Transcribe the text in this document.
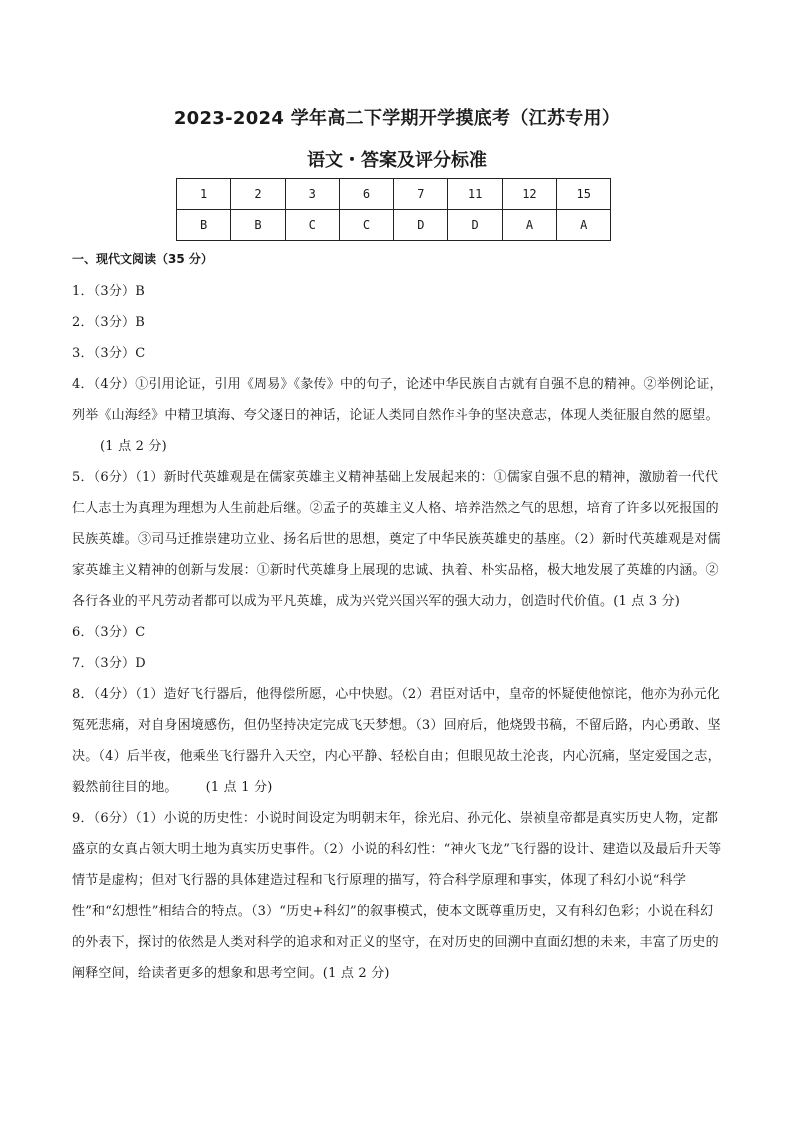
2023-2024 学年高二下学期开学摸底考（江苏专用）
语文・答案及评分标准
1	2	3	6	7	11	12	15
B	B	C	C	D	D	A	A
一、现代文阅读（35 分）

1．（3分）B

2．（3分）B

3．（3分）C

4．（4分）①引用论证，引用《周易》《彖传》中的句子，论述中华民族自古就有自强不息的精神。②举例论证，列举《山海经》中精卫填海、夸父逐日的神话，论证人类同自然作斗争的坚决意志，体现人类征服自然的愿望。(1 点 2 分)

5．（6分）（1）新时代英雄观是在儒家英雄主义精神基础上发展起来的：①儒家自强不息的精神，激励着一代代仁人志士为真理为理想为人生前赴后继。②孟子的英雄主义人格、培养浩然之气的思想，培育了许多以死报国的民族英雄。③司马迁推崇建功立业、扬名后世的思想，奠定了中华民族英雄史的基座。（2）新时代英雄观是对儒家英雄主义精神的创新与发展：①新时代英雄身上展现的忠诚、执着、朴实品格，极大地发展了英雄的内涵。②各行各业的平凡劳动者都可以成为平凡英雄，成为兴党兴国兴军的强大动力，创造时代价值。(1 点 3 分)

6．（3分）C

7．（3分）D

8．（4分）（1）造好飞行器后，他得偿所愿，心中快慰。（2）君臣对话中，皇帝的怀疑使他惊诧，他亦为孙元化冤死悲痛，对自身困境感伤，但仍坚持决定完成飞天梦想。（3）回府后，他烧毁书稿，不留后路，内心勇敢、坚决。（4）后半夜，他乘坐飞行器升入天空，内心平静、轻松自由；但眼见故土沦丧，内心沉痛，坚定爱国之志，毅然前往目的地。 (1 点 1 分)

9．（6分）（1）小说的历史性：小说时间设定为明朝末年，徐光启、孙元化、崇祯皇帝都是真实历史人物，定都盛京的女真占领大明土地为真实历史事件。（2）小说的科幻性：“神火飞龙”飞行器的设计、建造以及最后升天等情节是虚构；但对飞行器的具体建造过程和飞行原理的描写，符合科学原理和事实，体现了科幻小说“科学性”和“幻想性”相结合的特点。（3）“历史+科幻”的叙事模式，使本文既尊重历史，又有科幻色彩；小说在科幻的外表下，探讨的依然是人类对科学的追求和对正义的坚守，在对历史的回溯中直面幻想的未来，丰富了历史的阐释空间，给读者更多的想象和思考空间。(1 点 2 分)
